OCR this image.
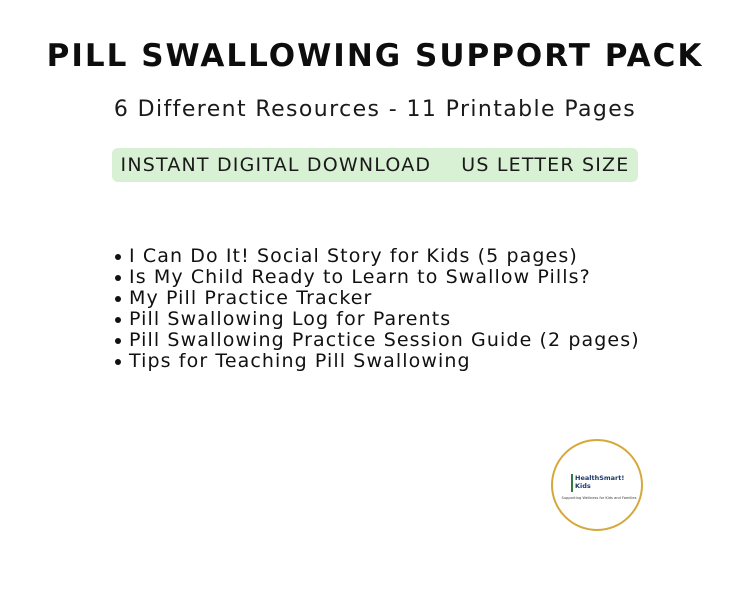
PILL SWALLOWING SUPPORT PACK
6 Different Resources - 11 Printable Pages
INSTANT DIGITAL DOWNLOAD US LETTER SIZE
I Can Do It! Social Story for Kids (5 pages)
Is My Child Ready to Learn to Swallow Pills?
My Pill Practice Tracker
Pill Swallowing Log for Parents
Pill Swallowing Practice Session Guide (2 pages)
Tips for Teaching Pill Swallowing
HealthSmart!
Kids
Supporting Wellness for Kids and Families
